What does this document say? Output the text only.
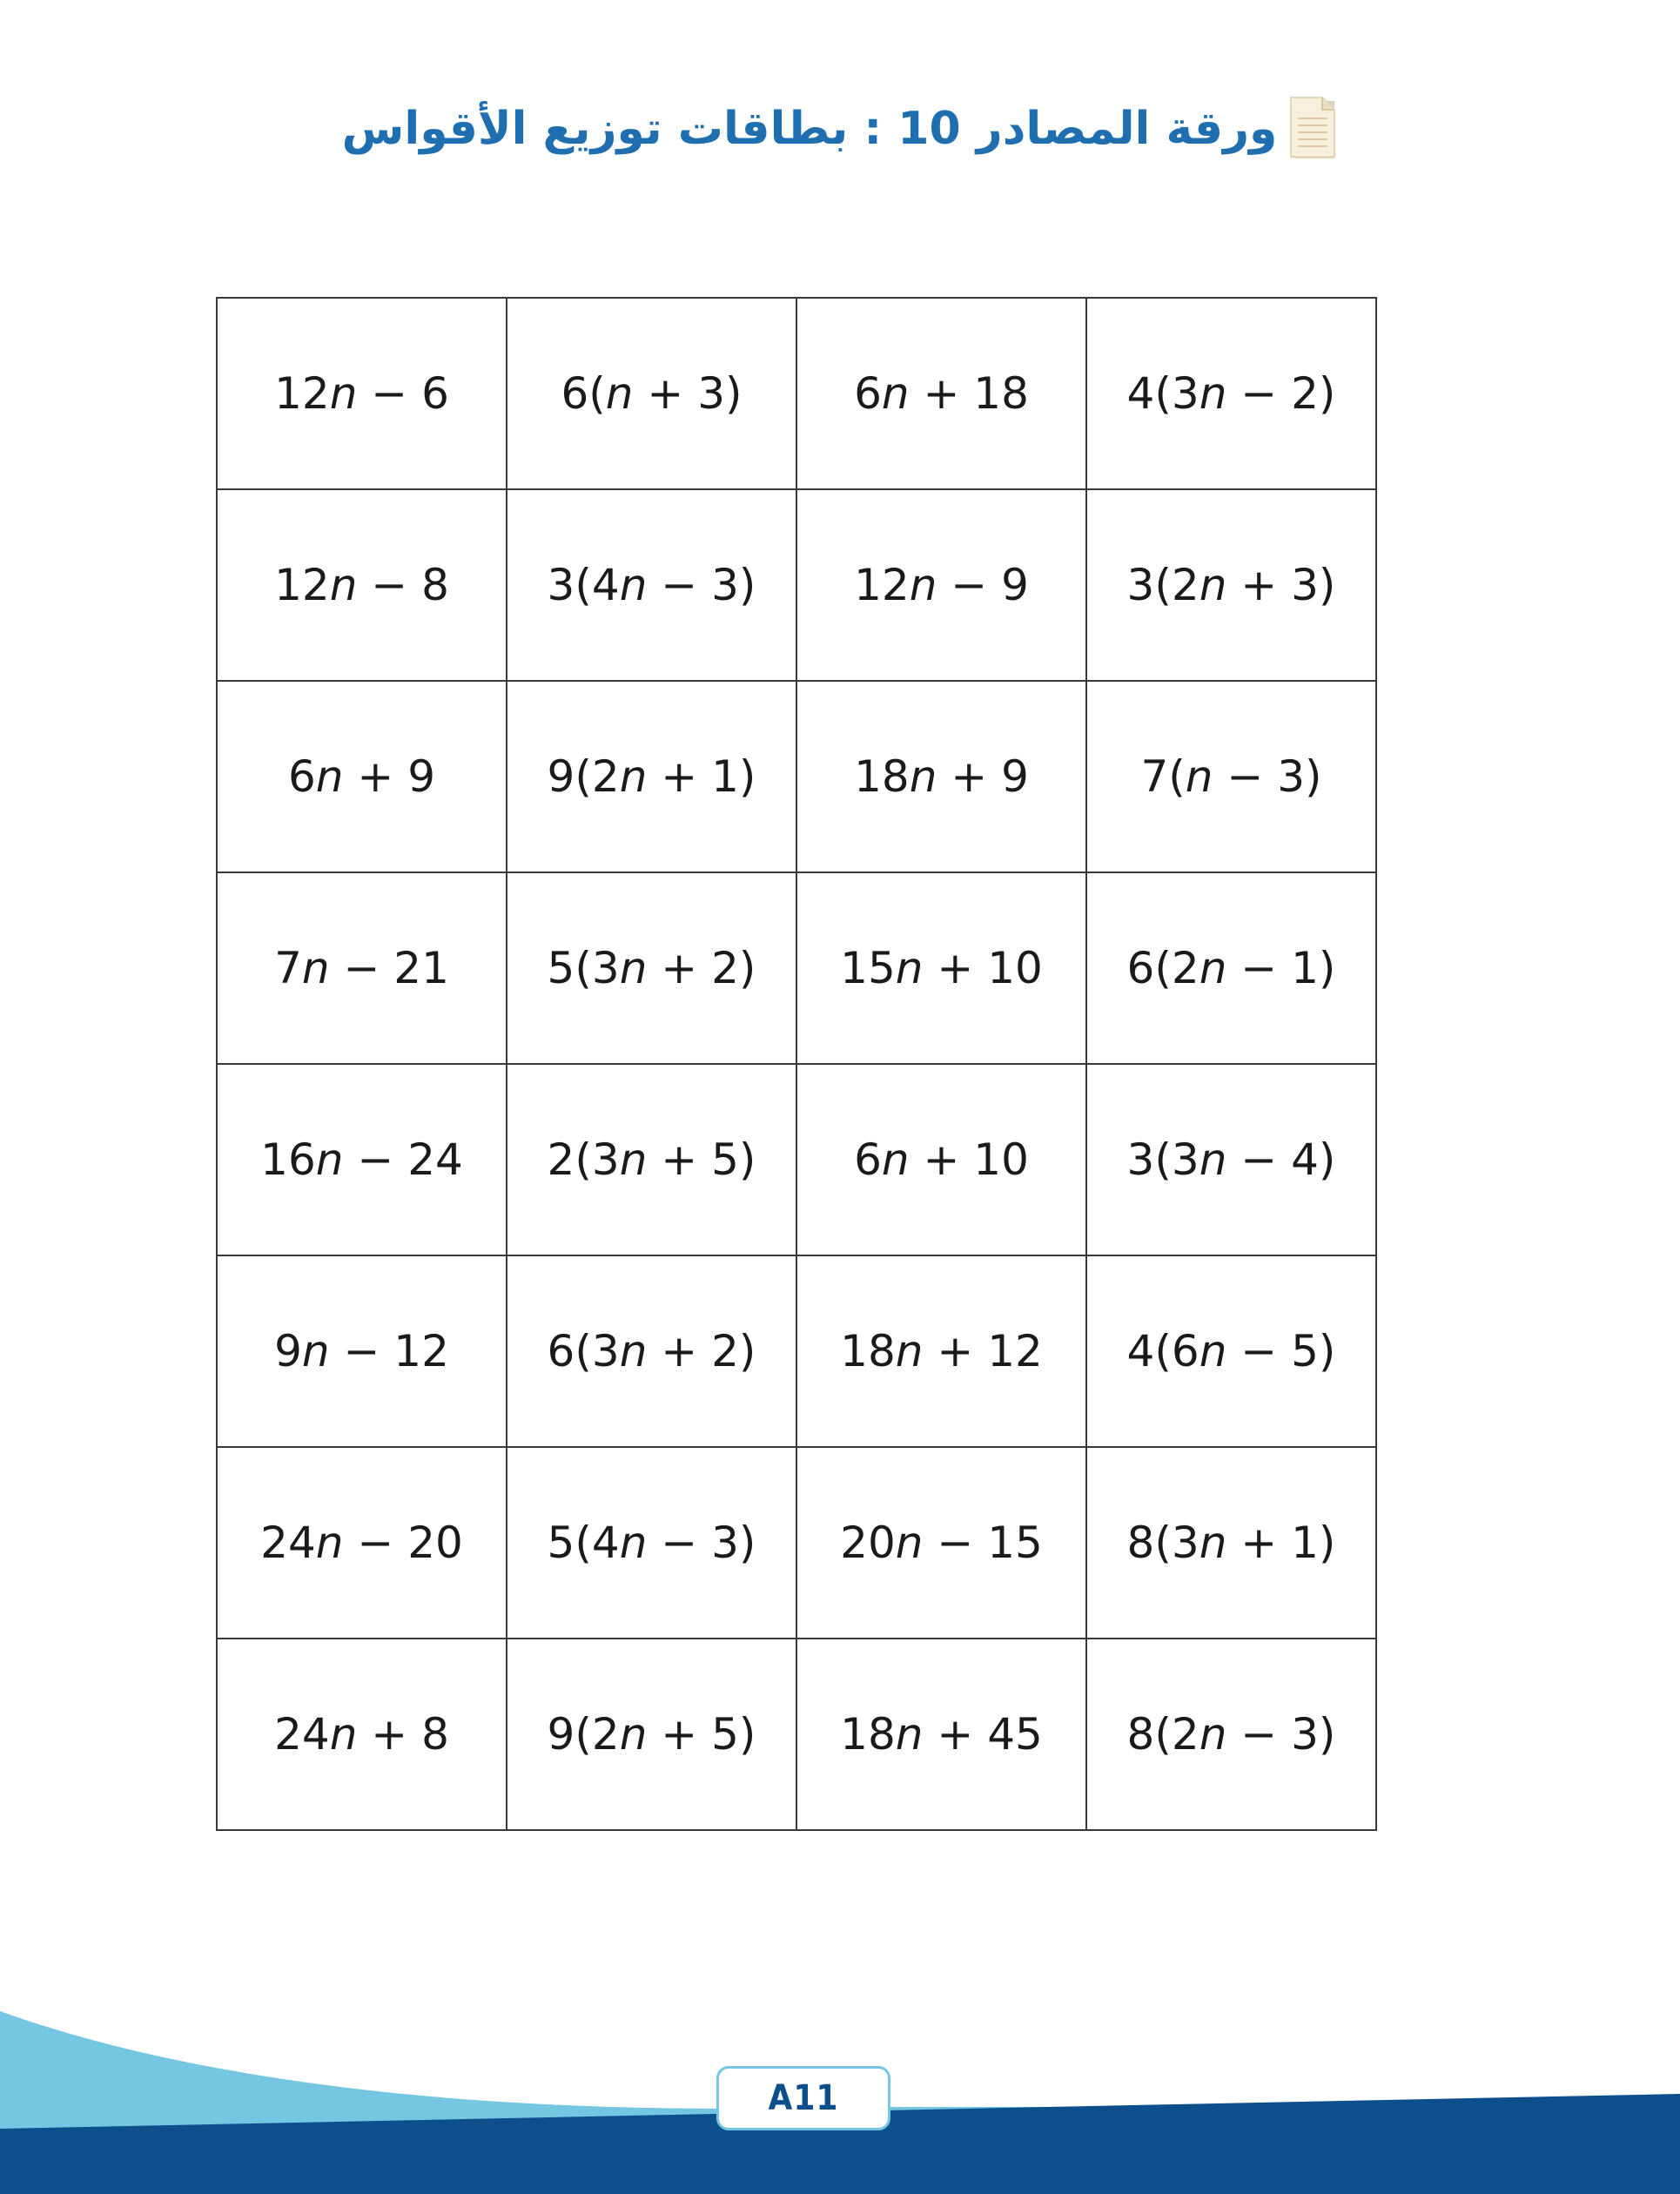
ورقة المصادر 10 : بطاقات توزيع الأقواس
12n − 6	6(n + 3)	6n + 18	4(3n − 2)
12n − 8	3(4n − 3)	12n − 9	3(2n + 3)
6n + 9	9(2n + 1)	18n + 9	7(n − 3)
7n − 21	5(3n + 2)	15n + 10	6(2n − 1)
16n − 24	2(3n + 5)	6n + 10	3(3n − 4)
9n − 12	6(3n + 2)	18n + 12	4(6n − 5)
24n − 20	5(4n − 3)	20n − 15	8(3n + 1)
24n + 8	9(2n + 5)	18n + 45	8(2n − 3)
A11
